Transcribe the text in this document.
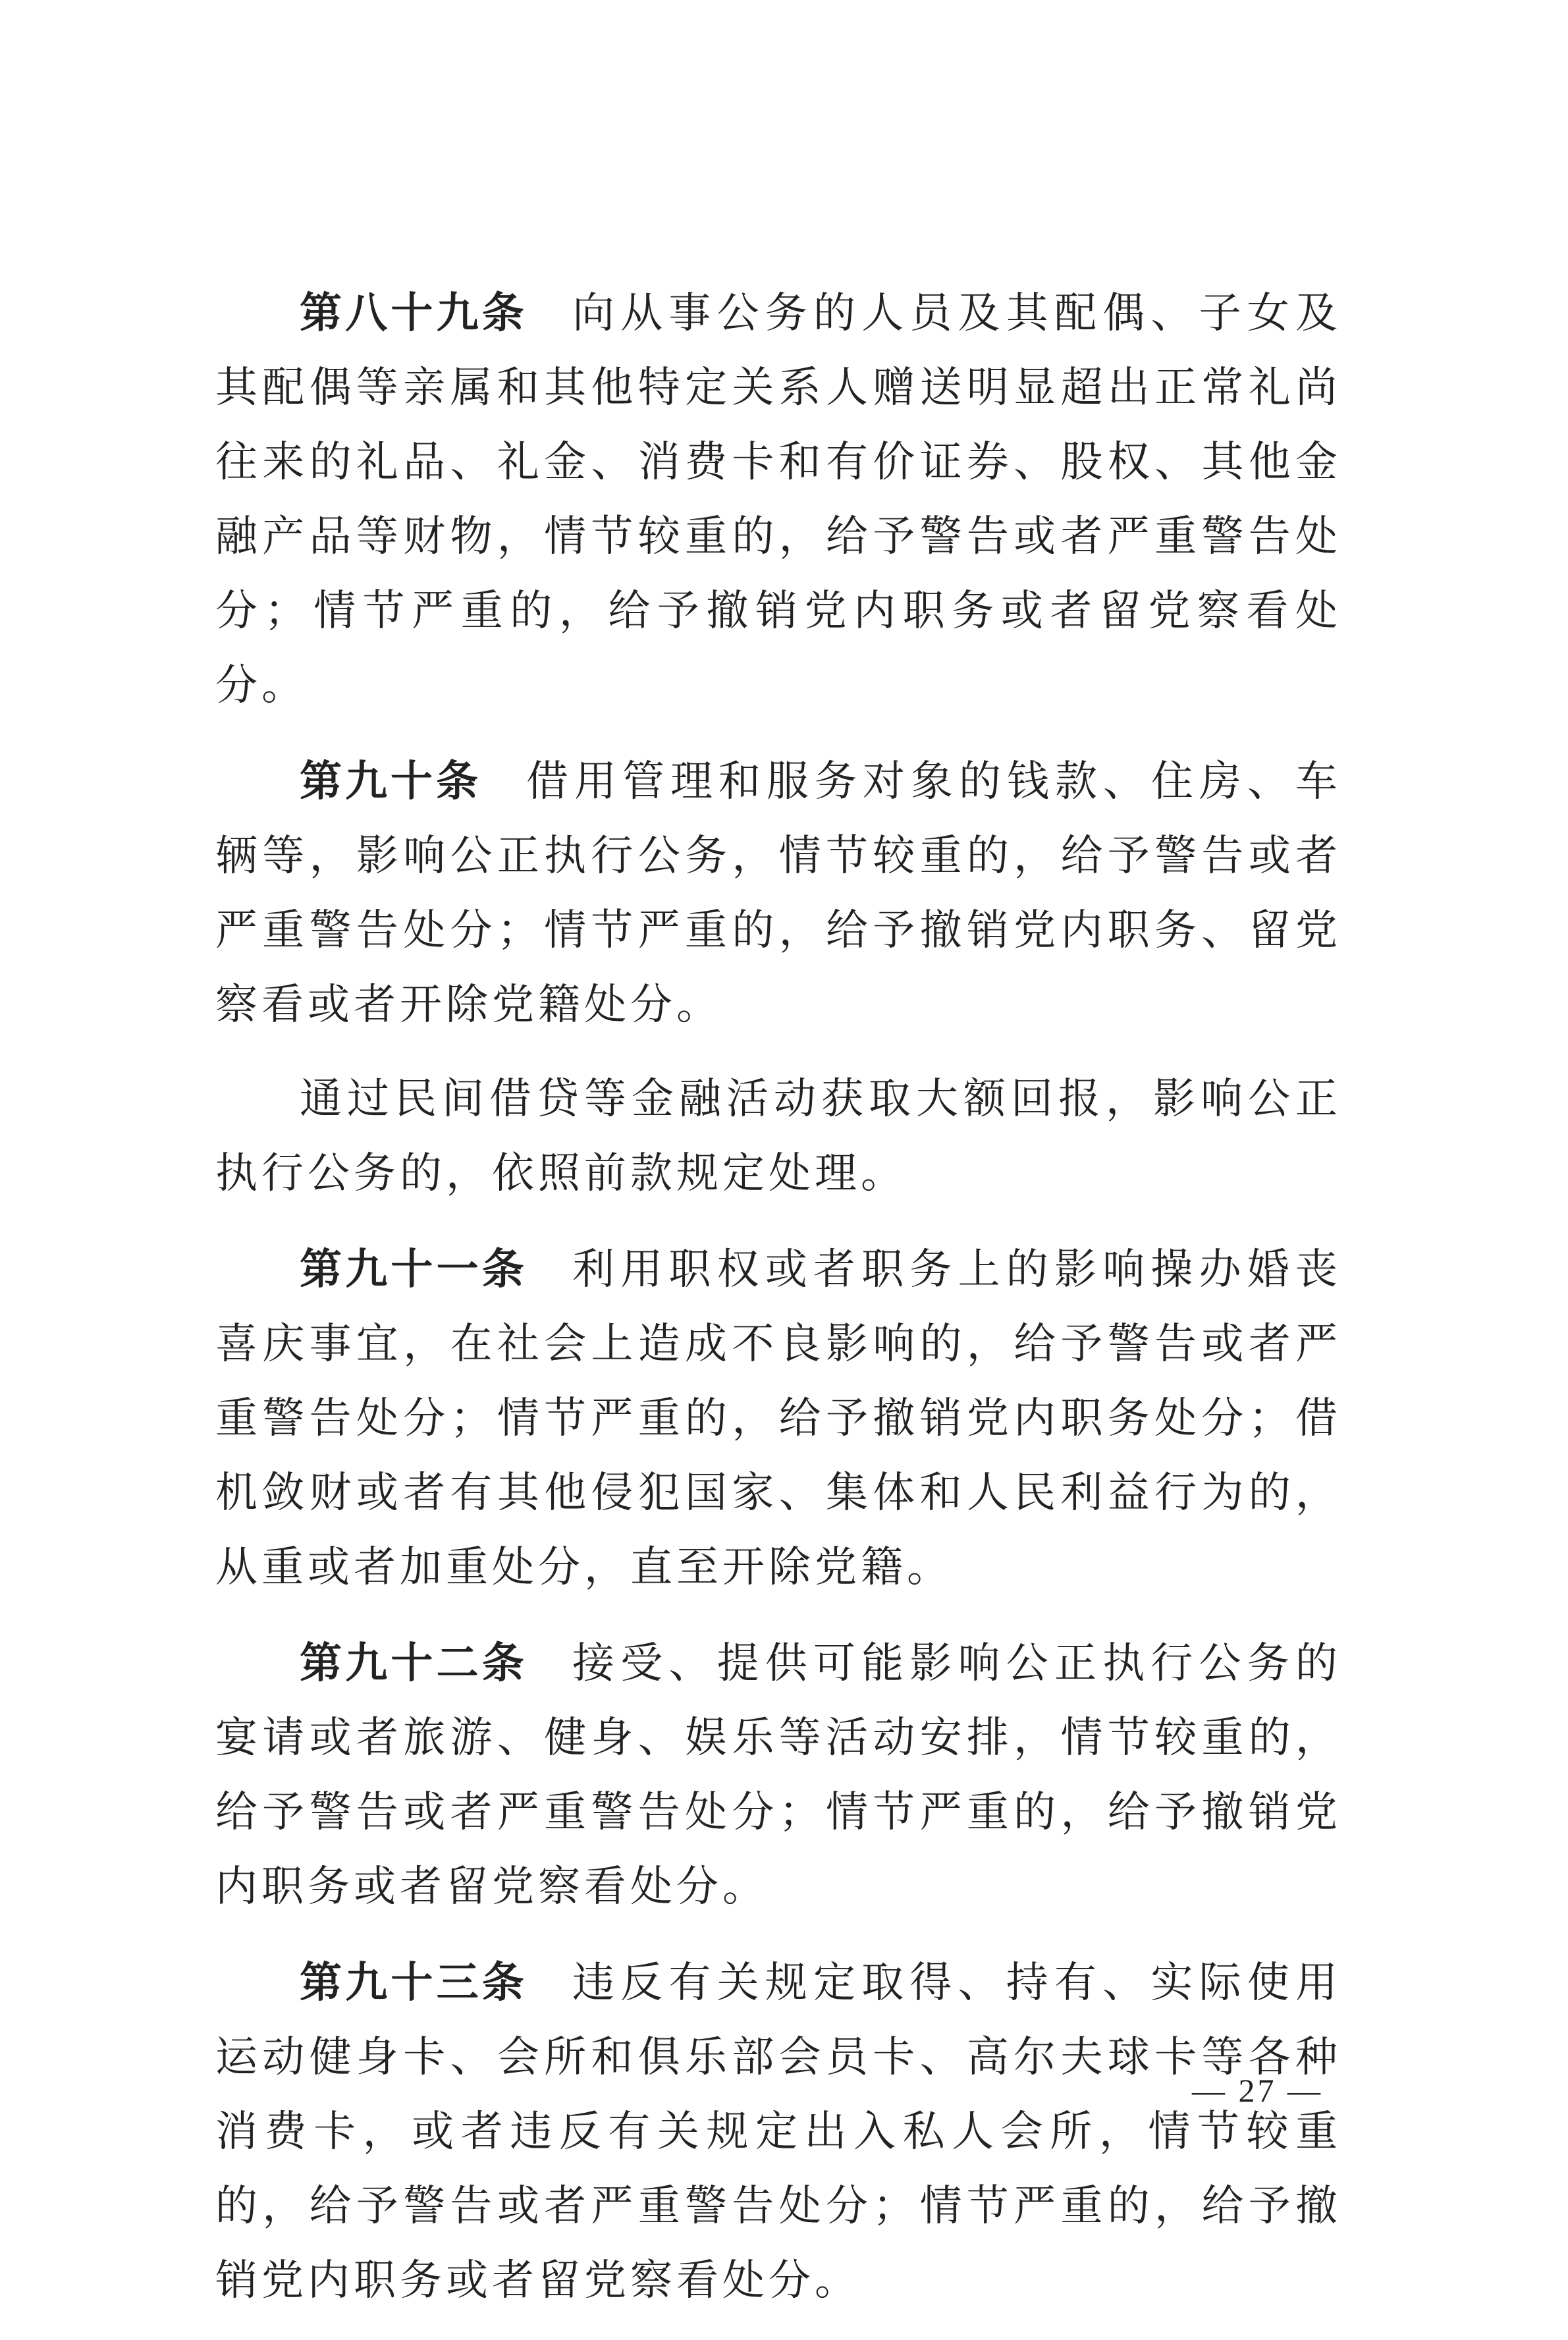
第八十九条 向从事公务的人员及其配偶、子女及其配偶等亲属和其他特定关系人赠送明显超出正常礼尚往来的礼品、礼金、消费卡和有价证券、股权、其他金融产品等财物，情节较重的，给予警告或者严重警告处分；情节严重的，给予撤销党内职务或者留党察看处分。

第九十条 借用管理和服务对象的钱款、住房、车辆等，影响公正执行公务，情节较重的，给予警告或者严重警告处分；情节严重的，给予撤销党内职务、留党察看或者开除党籍处分。

通过民间借贷等金融活动获取大额回报，影响公正执行公务的，依照前款规定处理。

第九十一条 利用职权或者职务上的影响操办婚丧喜庆事宜，在社会上造成不良影响的，给予警告或者严重警告处分；情节严重的，给予撤销党内职务处分；借机敛财或者有其他侵犯国家、集体和人民利益行为的，从重或者加重处分，直至开除党籍。

第九十二条 接受、提供可能影响公正执行公务的宴请或者旅游、健身、娱乐等活动安排，情节较重的，给予警告或者严重警告处分；情节严重的，给予撤销党内职务或者留党察看处分。

第九十三条 违反有关规定取得、持有、实际使用运动健身卡、会所和俱乐部会员卡、高尔夫球卡等各种消费卡，或者违反有关规定出入私人会所，情节较重的，给予警告或者严重警告处分；情节严重的，给予撤销党内职务或者留党察看处分。

— 27 —
